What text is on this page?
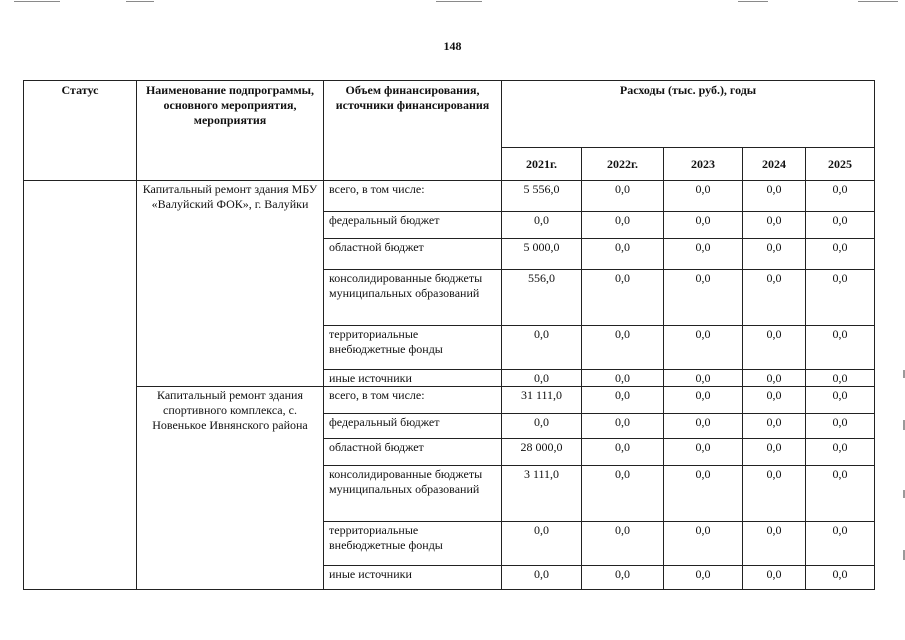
148
Статус	Наименование подпрограммы, основного мероприятия, мероприятия	Объем финансирования, источники финансирования	Расходы (тыс. руб.), годы				
			2021г.	2022г.	2023	2024	2025
	Капитальный ремонт здания МБУ «Валуйский ФОК», г. Валуйки	всего, в том числе:	5 556,0	0,0	0,0	0,0	0,0
		федеральный бюджет	0,0	0,0	0,0	0,0	0,0
		областной бюджет	5 000,0	0,0	0,0	0,0	0,0
		консолидированные бюджеты муниципальных образований	556,0	0,0	0,0	0,0	0,0
		территориальные внебюджетные фонды	0,0	0,0	0,0	0,0	0,0
		иные источники	0,0	0,0	0,0	0,0	0,0
	Капитальный ремонт здания спортивного комплекса, с. Новенькое Ивнянского района	всего, в том числе:	31 111,0	0,0	0,0	0,0	0,0
		федеральный бюджет	0,0	0,0	0,0	0,0	0,0
		областной бюджет	28 000,0	0,0	0,0	0,0	0,0
		консолидированные бюджеты муниципальных образований	3 111,0	0,0	0,0	0,0	0,0
		территориальные внебюджетные фонды	0,0	0,0	0,0	0,0	0,0
		иные источники	0,0	0,0	0,0	0,0	0,0
